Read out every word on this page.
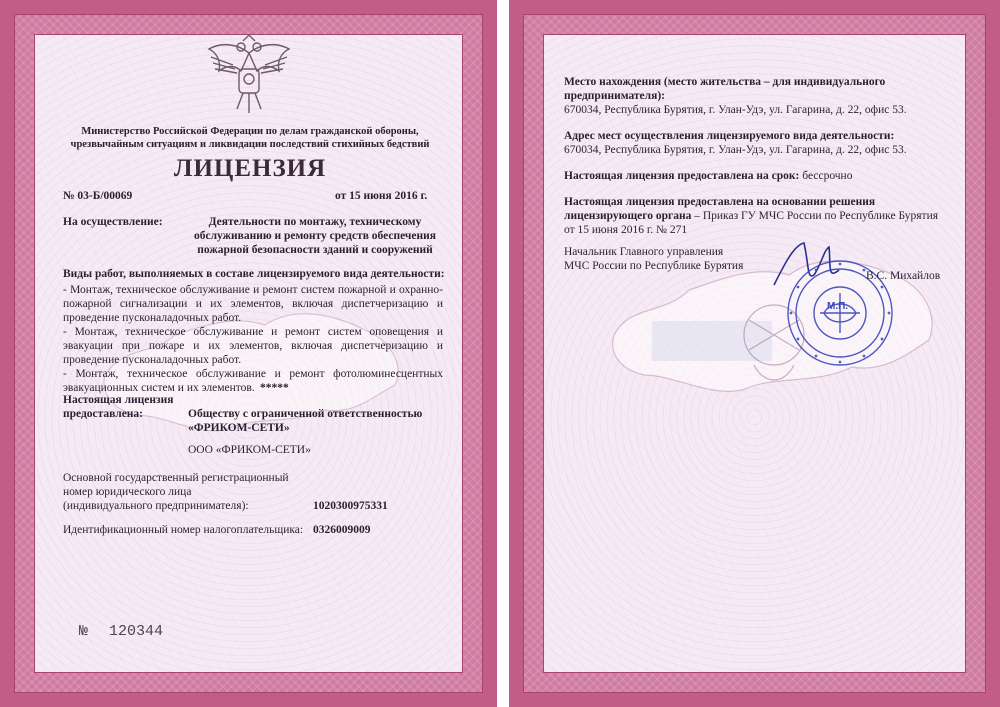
Министерство Российской Федерации по делам гражданской обороны,
чрезвычайным ситуациям и ликвидации последствий стихийных бедствий
ЛИЦЕНЗИЯ
№ 03-Б/00069	от 15 июня 2016 г.
На осуществление:	Деятельности по монтажу, техническому
обслуживанию и ремонту средств обеспечения
пожарной безопасности зданий и сооружений
Виды работ, выполняемых в составе лицензируемого вида деятельности:
- Монтаж, техническое обслуживание и ремонт систем пожарной и охранно-пожарной сигнализации и их элементов, включая диспетчеризацию и проведение пусконаладочных работ.
- Монтаж, техническое обслуживание и ремонт систем оповещения и эвакуации при пожаре и их элементов, включая диспетчеризацию и проведение пусконаладочных работ.
- Монтаж, техническое обслуживание и ремонт фотолюминесцентных эвакуационных систем и их элементов. *****
Настоящая лицензия
предоставлена:	Обществу с ограниченной ответственностью
«ФРИКОМ-СЕТИ»
ООО «ФРИКОМ-СЕТИ»
Основной государственный регистрационный
номер юридического лица
(индивидуального предпринимателя):	1020300975331
Идентификационный номер налогоплательщика: 0326009009
№ 120344
Место нахождения (место жительства – для индивидуального
предпринимателя):
670034, Республика Бурятия, г. Улан-Удэ, ул. Гагарина, д. 22, офис 53.
Адрес мест осуществления лицензируемого вида деятельности:
670034, Республика Бурятия, г. Улан-Удэ, ул. Гагарина, д. 22, офис 53.
Настоящая лицензия предоставлена на срок: бессрочно
Настоящая лицензия предоставлена на основании решения
лицензирующего органа – Приказ ГУ МЧС России по Республике Бурятия
от 15 июня 2016 г. № 271
Начальник Главного управления
МЧС России по Республике Бурятия
М.П.
В.С. Михайлов
